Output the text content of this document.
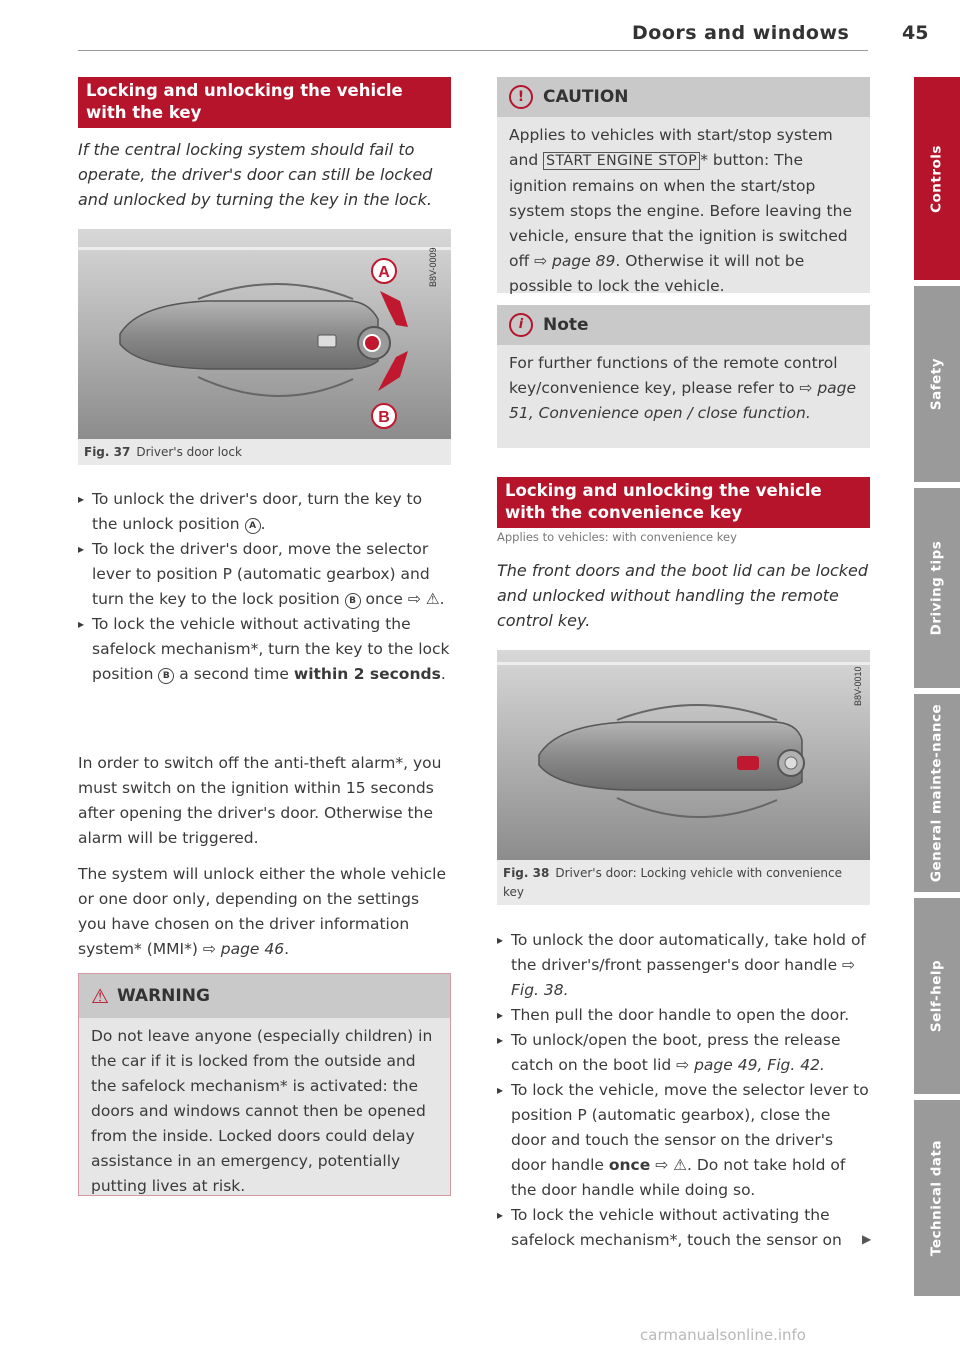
Doors and windows	45
Locking and unlocking the vehicle with the key

If the central locking system should fail to operate, the driver's door can still be locked and unlocked by turning the key in the lock.

A
B
B8V-0009
Fig. 37 Driver's door lock
▸ To unlock the driver's door, turn the key to the unlock position A .
▸ To lock the driver's door, move the selector lever to position P (automatic gearbox) and turn the key to the lock position B once ⇨ ⚠.
▸ To lock the vehicle without activating the safelock mechanism*, turn the key to the lock position B a second time within 2 seconds.

In order to switch off the anti-theft alarm*, you must switch on the ignition within 15 seconds after opening the driver's door. Otherwise the alarm will be triggered.

The system will unlock either the whole vehicle or one door only, depending on the settings you have chosen on the driver information system* (MMI*) ⇨ page 46.

⚠ WARNING
Do not leave anyone (especially children) in the car if it is locked from the outside and the safelock mechanism* is activated: the doors and windows cannot then be opened from the inside. Locked doors could delay assistance in an emergency, potentially putting lives at risk.
!	CAUTION
Applies to vehicles with start/stop system and START ENGINE STOP * button: The ignition remains on when the start/stop system stops the engine. Before leaving the vehicle, ensure that the ignition is switched off ⇨ page 89. Otherwise it will not be possible to lock the vehicle.
i	Note
For further functions of the remote control key/convenience key, please refer to ⇨ page 51, Convenience open / close function.
Locking and unlocking the vehicle with the convenience key
Applies to vehicles: with convenience key

The front doors and the boot lid can be locked and unlocked without handling the remote control key.

B8V-0010
Fig. 38 Driver's door: Locking vehicle with convenience key
▸ To unlock the door automatically, take hold of the driver's/front passenger's door handle ⇨ Fig. 38.
▸ Then pull the door handle to open the door.
▸ To unlock/open the boot, press the release catch on the boot lid ⇨ page 49, Fig. 42.
▸ To lock the vehicle, move the selector lever to position P (automatic gearbox), close the door and touch the sensor on the driver's door handle once ⇨ ⚠. Do not take hold of the door handle while doing so.
▸ To lock the vehicle without activating the safelock mechanism*, touch the sensor on	▶
Controls
Safety
Driving tips
General mainte-nance
Self-help
Technical data
carmanualsonline.info
